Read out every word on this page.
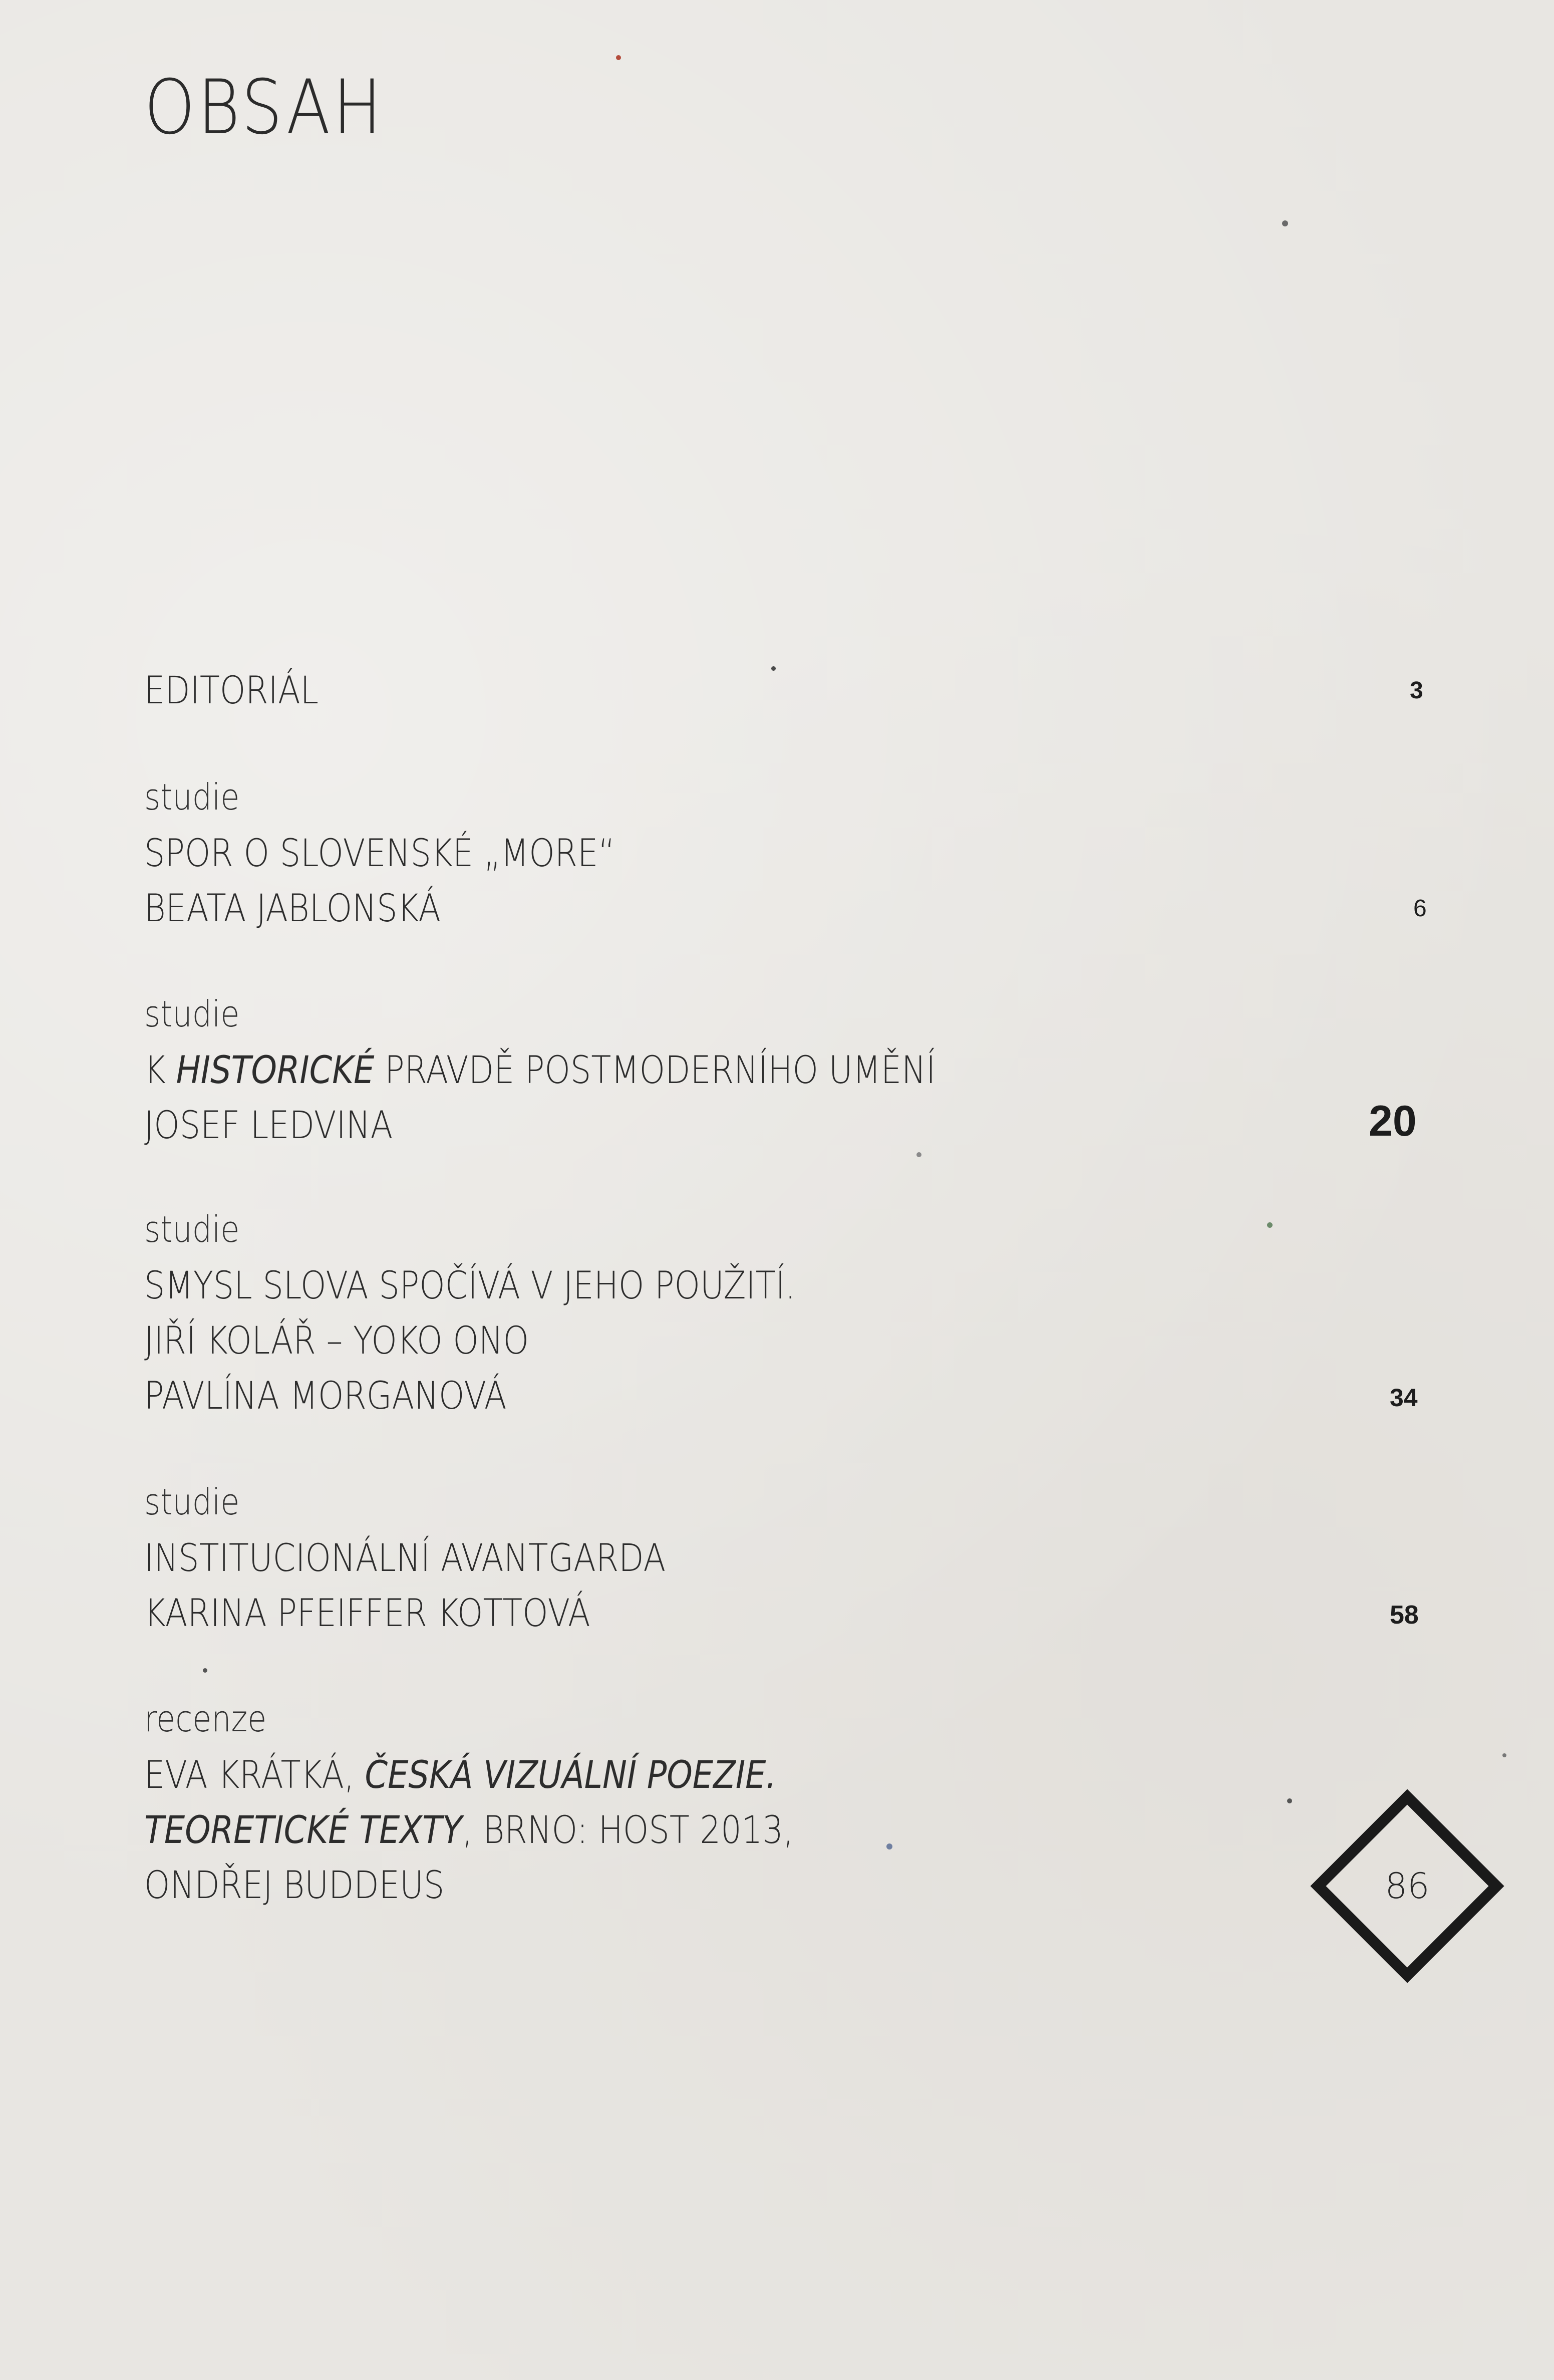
OBSAH
EDITORIÁL	3
studie
SPOR O SLOVENSKÉ „MORE“
BEATA JABLONSKÁ	6
studie
K HISTORICKÉ PRAVDĚ POSTMODERNÍHO UMĚNÍ
JOSEF LEDVINA	20
studie
SMYSL SLOVA SPOČÍVÁ V JEHO POUŽITÍ.
JIŘÍ KOLÁŘ – YOKO ONO
PAVLÍNA MORGANOVÁ	34
studie
INSTITUCIONÁLNÍ AVANTGARDA
KARINA PFEIFFER KOTTOVÁ	58
recenze
EVA KRÁTKÁ, ČESKÁ VIZUÁLNÍ POEZIE.
TEORETICKÉ TEXTY, BRNO: HOST 2013,
ONDŘEJ BUDDEUS	86
